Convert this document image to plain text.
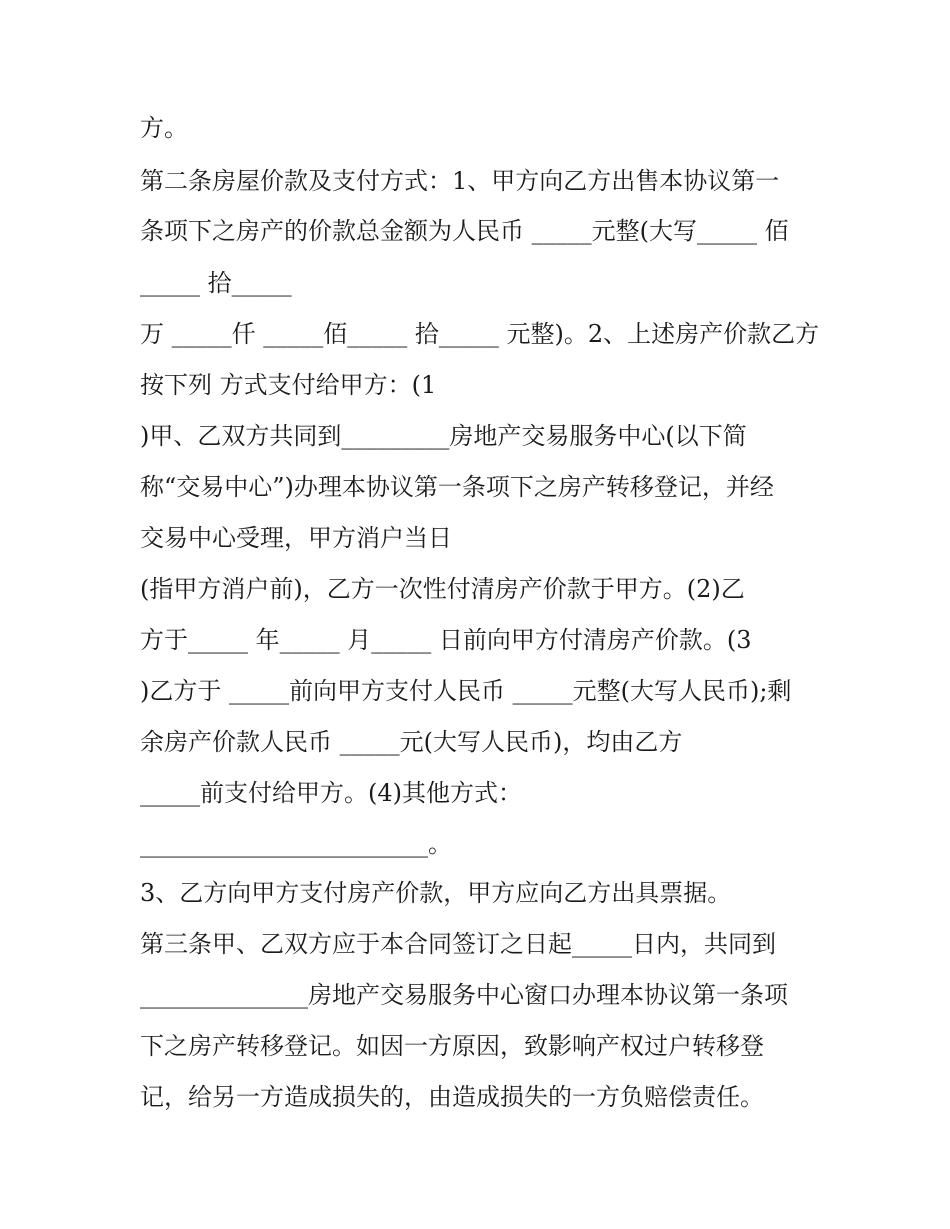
方。

第二条房屋价款及支付方式：1、甲方向乙方出售本协议第一

条项下之房产的价款总金额为人民币 _____元整(大写_____ 佰

_____ 拾_____

万 _____仟 _____佰_____ 拾_____ 元整)。2、上述房产价款乙方

按下列 方式支付给甲方：(1

)甲、乙双方共同到_________房地产交易服务中心(以下简

称“交易中心”)办理本协议第一条项下之房产转移登记，并经

交易中心受理，甲方消户当日

(指甲方消户前)，乙方一次性付清房产价款于甲方。(2)乙

方于_____ 年_____ 月_____ 日前向甲方付清房产价款。(3

)乙方于 _____前向甲方支付人民币 _____元整(大写人民币);剩

余房产价款人民币 _____元(大写人民币)，均由乙方

_____前支付给甲方。(4)其他方式：

________________________。

3、乙方向甲方支付房产价款，甲方应向乙方出具票据。

第三条甲、乙双方应于本合同签订之日起_____日内，共同到

______________房地产交易服务中心窗口办理本协议第一条项

下之房产转移登记。如因一方原因，致影响产权过户转移登

记，给另一方造成损失的，由造成损失的一方负赔偿责任。
